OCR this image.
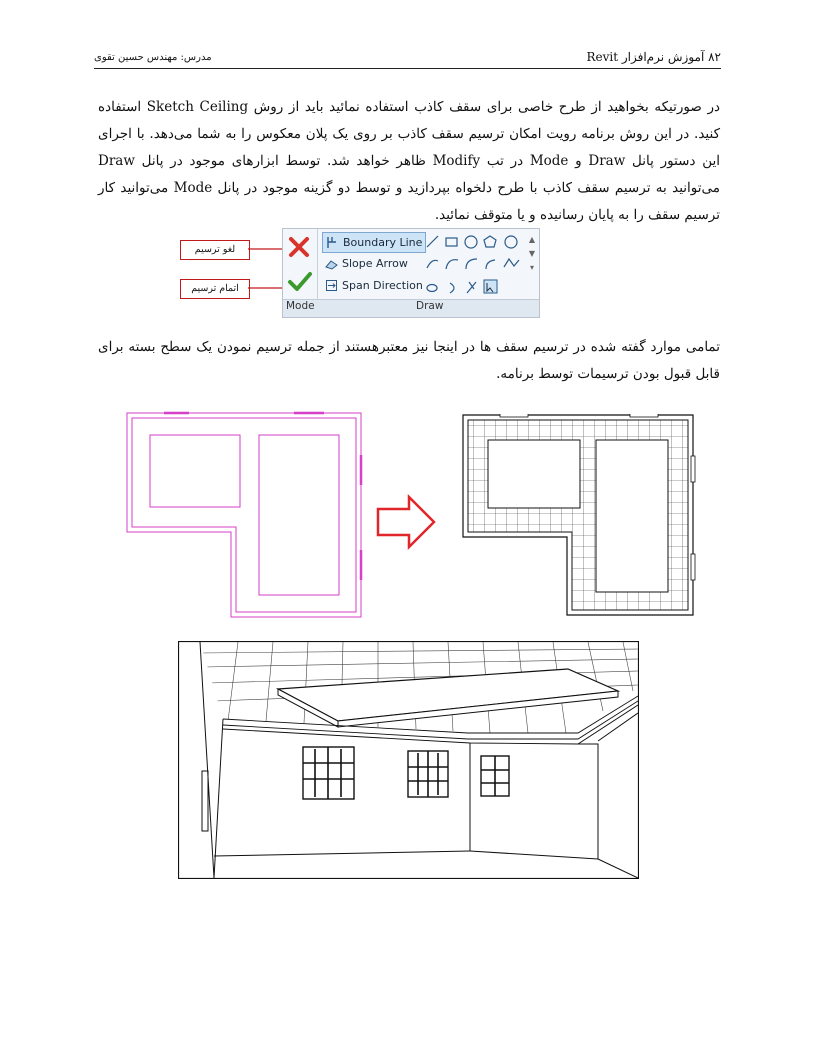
۸۲ آموزش نرم‌افزار Revit
مدرس: مهندس حسین تقوی

در صورتیکه بخواهید از طرح خاصی برای سقف کاذب استفاده نمائید باید از روش Sketch Ceiling استفاده کنید. در این روش برنامه رویت امکان ترسیم سقف کاذب بر روی یک پلان معکوس را به شما می‌دهد. با اجرای این دستور پانل Draw و Mode در تب Modify ظاهر خواهد شد. توسط ابزارهای موجود در پانل Draw می‌توانید به ترسیم سقف کاذب با طرح دلخواه بپردازید و توسط دو گزینه موجود در پانل Mode می‌توانید کار ترسیم سقف را به پایان رسانیده و یا متوقف نمائید.

لغو ترسیم
اتمام ترسیم
Boundary Line
Slope Arrow
Span Direction
▲
▼
▾
Mode	Draw

تمامی موارد گفته شده در ترسیم سقف ها در اینجا نیز معتبرهستند از جمله ترسیم نمودن یک سطح بسته برای قابل قبول بودن ترسیمات توسط برنامه.
